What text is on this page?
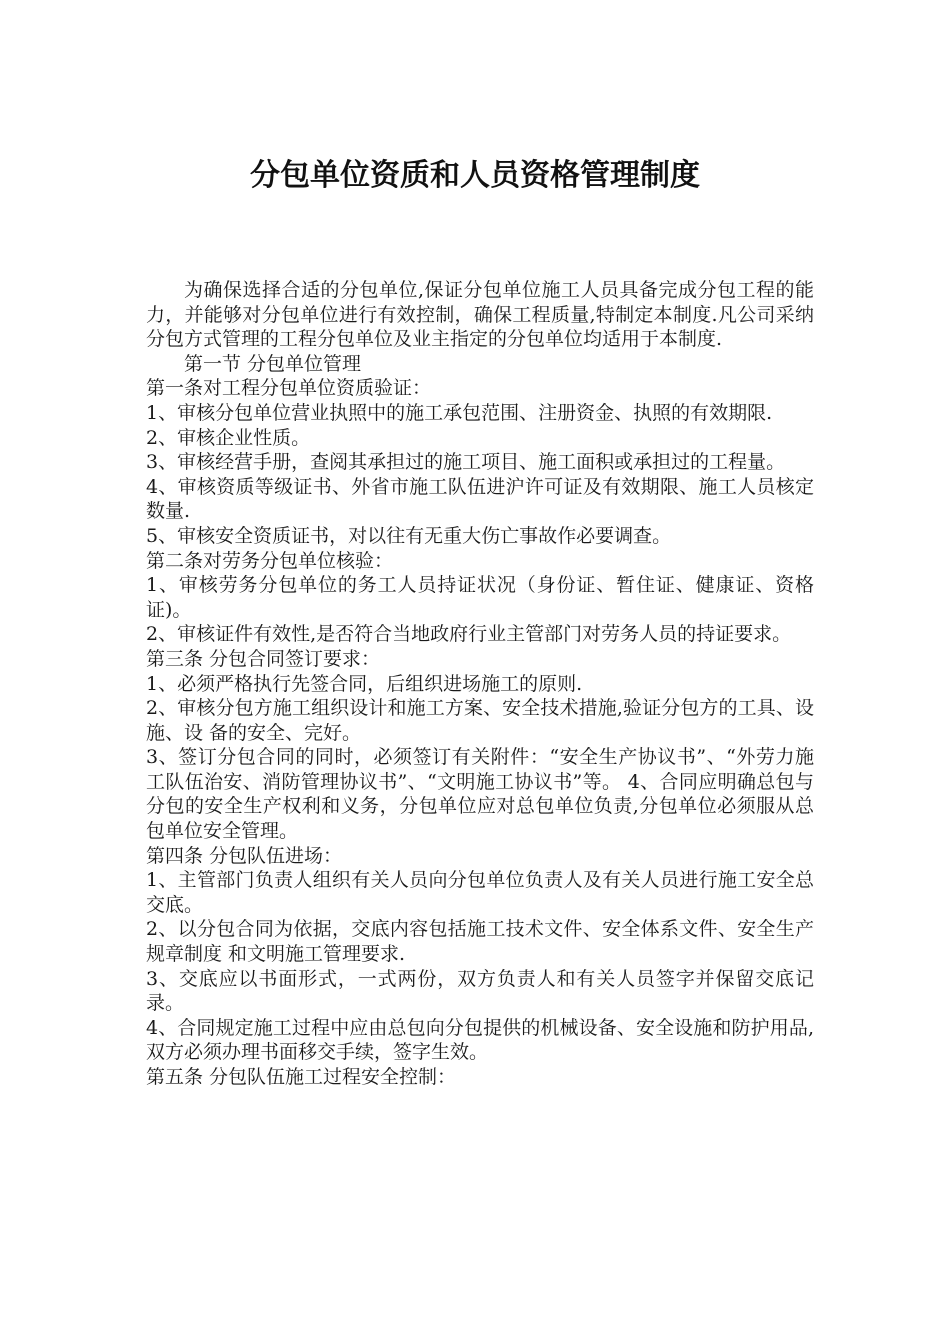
分包单位资质和人员资格管理制度

为确保选择合适的分包单位,保证分包单位施工人员具备完成分包工程的能力，并能够对分包单位进行有效控制，确保工程质量,特制定本制度.凡公司采纳分包方式管理的工程分包单位及业主指定的分包单位均适用于本制度.

第一节 分包单位管理

第一条对工程分包单位资质验证：

1、审核分包单位营业执照中的施工承包范围、注册资金、执照的有效期限.

2、审核企业性质。

3、审核经营手册，查阅其承担过的施工项目、施工面积或承担过的工程量。

4、审核资质等级证书、外省市施工队伍进沪许可证及有效期限、施工人员核定数量.

5、审核安全资质证书，对以往有无重大伤亡事故作必要调查。

第二条对劳务分包单位核验：

1、审核劳务分包单位的务工人员持证状况（身份证、暂住证、健康证、资格证)。

2、审核证件有效性,是否符合当地政府行业主管部门对劳务人员的持证要求。

第三条 分包合同签订要求：

1、必须严格执行先签合同，后组织进场施工的原则.

2、审核分包方施工组织设计和施工方案、安全技术措施,验证分包方的工具、设施、设 备的安全、完好。

3、签订分包合同的同时，必须签订有关附件：“安全生产协议书”、“外劳力施工队伍治安、消防管理协议书”、“文明施工协议书”等。 4、合同应明确总包与分包的安全生产权利和义务，分包单位应对总包单位负责,分包单位必须服从总包单位安全管理。

第四条 分包队伍进场：

1、主管部门负责人组织有关人员向分包单位负责人及有关人员进行施工安全总交底。

2、以分包合同为依据，交底内容包括施工技术文件、安全体系文件、安全生产规章制度 和文明施工管理要求.

3、交底应以书面形式，一式两份，双方负责人和有关人员签字并保留交底记录。

4、合同规定施工过程中应由总包向分包提供的机械设备、安全设施和防护用品,双方必须办理书面移交手续，签字生效。

第五条 分包队伍施工过程安全控制：
